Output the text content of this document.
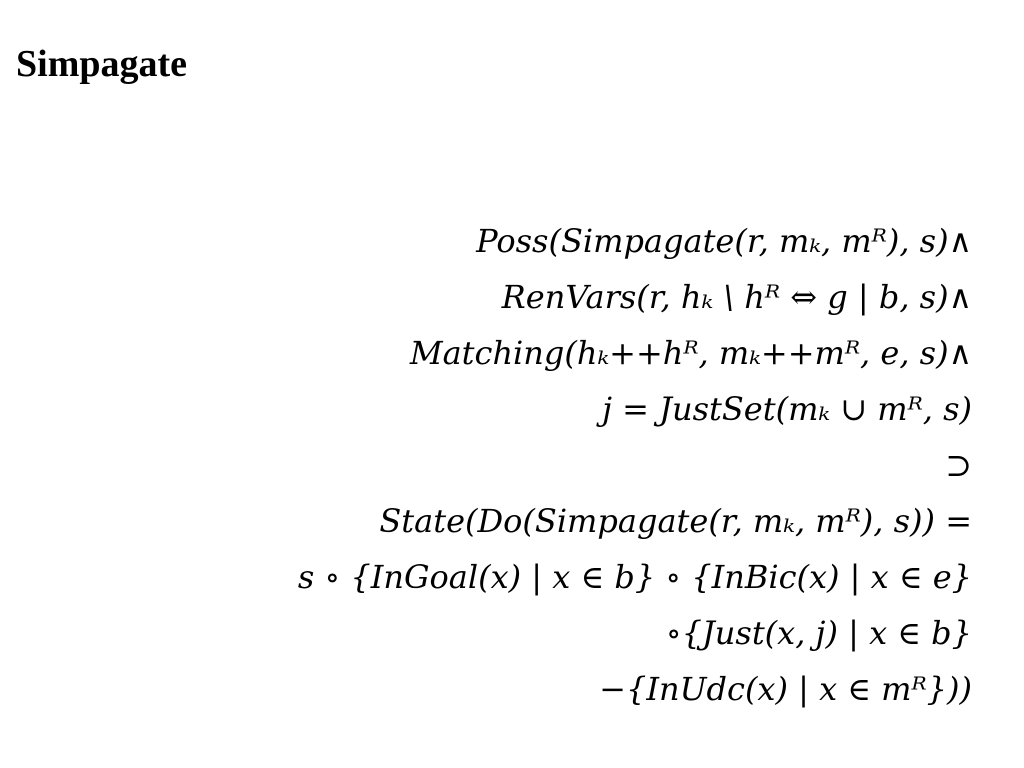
Simpagate
Poss(Simpagate(r, mₖ, mᴿ), s)∧
RenVars(r, hₖ \ hᴿ ⇔ g | b, s)∧
Matching(hₖ++hᴿ, mₖ++mᴿ, e, s)∧
j = JustSet(mₖ ∪ mᴿ, s)
⊃
State(Do(Simpagate(r, mₖ, mᴿ), s)) =
s ∘ {InGoal(x) | x ∈ b} ∘ {InBic(x) | x ∈ e}
∘{Just(x, j) | x ∈ b}
−{InUdc(x) | x ∈ mᴿ}))
